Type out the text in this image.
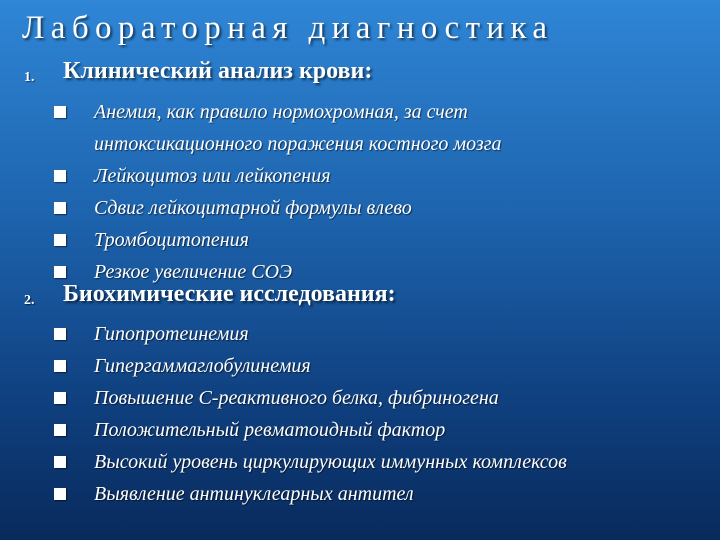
Лабораторная диагностика
1. Клинический анализ крови:
Анемия, как правило нормохромная, за счет
интоксикационного поражения костного мозга
Лейкоцитоз или лейкопения
Сдвиг лейкоцитарной формулы влево
Тромбоцитопения
Резкое увеличение СОЭ
2. Биохимические исследования:
Гипопротеинемия
Гипергаммаглобулинемия
Повышение С-реактивного белка, фибриногена
Положительный ревматоидный фактор
Высокий уровень циркулирующих иммунных комплексов
Выявление антинуклеарных антител
